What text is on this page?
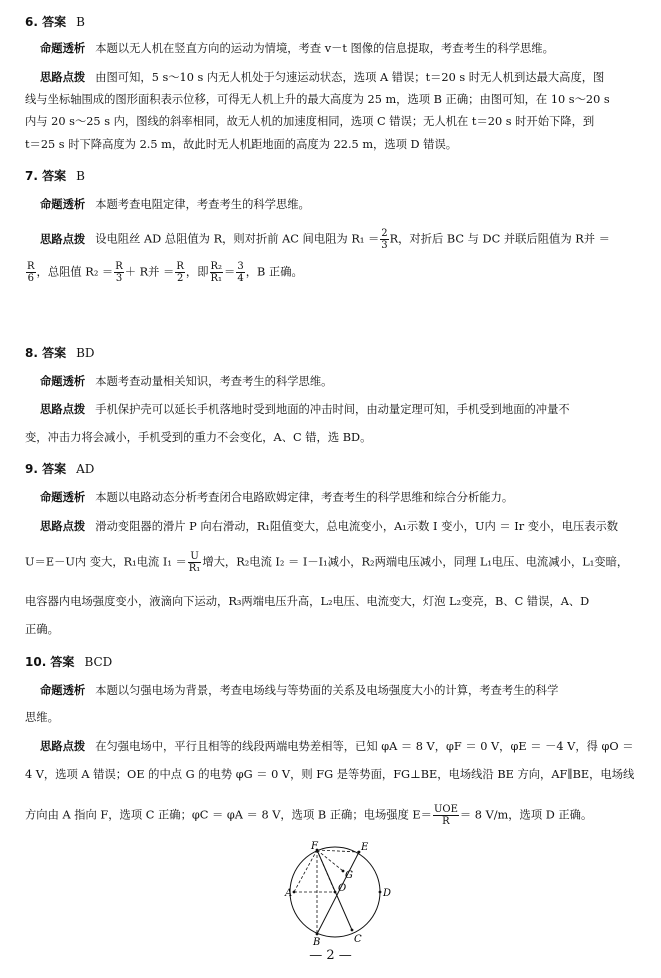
6. 答案 B
命题透析 本题以无人机在竖直方向的运动为情境，考查 v－t 图像的信息提取，考查考生的科学思维。
思路点拨 由图可知，5 s～10 s 内无人机处于匀速运动状态，选项 A 错误；t＝20 s 时无人机到达最大高度，图
线与坐标轴围成的图形面积表示位移，可得无人机上升的最大高度为 25 m，选项 B 正确；由图可知，在 10 s～20 s
内与 20 s～25 s 内，图线的斜率相同，故无人机的加速度相同，选项 C 错误；无人机在 t＝20 s 时开始下降，到
t＝25 s 时下降高度为 2.5 m，故此时无人机距地面的高度为 22.5 m，选项 D 错误。
7. 答案 B
命题透析 本题考查电阻定律，考查考生的科学思维。
思路点拨 设电阻丝 AD 总阻值为 R，则对折前 AC 间电阻为 $R_1 = \frac{2}{3}$ R，对折后 BC 与 DC 并联后阻值为 R并 ＝
$\frac{R}{6}$ ，总阻值 $R_2 = \frac{R}{3} + R$并 ＝ $\frac{R}{2}$ ，即 $\frac{\text{R₂}}{\text{R₁}} = \frac{3}{4}$ ，B 正确。
8. 答案 BD
命题透析 本题考查动量相关知识，考查考生的科学思维。
思路点拨 手机保护壳可以延长手机落地时受到地面的冲击时间，由动量定理可知，手机受到地面的冲量不
变，冲击力将会减小，手机受到的重力不会变化，A、C 错，选 BD。
9. 答案 AD
命题透析 本题以电路动态分析考查闭合电路欧姆定律，考查考生的科学思维和综合分析能力。
思路点拨 滑动变阻器的滑片 P 向右滑动，R₁阻值变大，总电流变小，A₁示数 I 变小，U内 ＝ Ir 变小，电压表示数
U＝E－U内 变大，R₁电流 $I_1 = \frac{U}{\text{R₁}}$ 增大，R₂电流 I₂ ＝ I－I₁减小，R₂两端电压减小，同理 L₁电压、电流减小，L₁变暗，
电容器内电场强度变小，液滴向下运动，R₃两端电压升高，L₂电压、电流变大，灯泡 L₂变亮，B、C 错误，A、D
正确。
10. 答案 BCD
命题透析 本题以匀强电场为背景，考查电场线与等势面的关系及电场强度大小的计算，考查考生的科学
思维。
思路点拨 在匀强电场中，平行且相等的线段两端电势差相等，已知 φA ＝ 8 V，φF ＝ 0 V，φE ＝ －4 V，得 φO ＝
4 V，选项 A 错误；OE 的中点 G 的电势 φG ＝ 0 V，则 FG 是等势面，FG⊥BE，电场线沿 BE 方向，AF∥BE，电场线
方向由 A 指向 F，选项 C 正确；φC ＝ φA ＝ 8 V，选项 B 正确；电场强度 $E= \frac{\text{UOE}}{R} = 8$ V/m，选项 D 正确。
F	E
G
A	O	D
B	C
— 2 —
